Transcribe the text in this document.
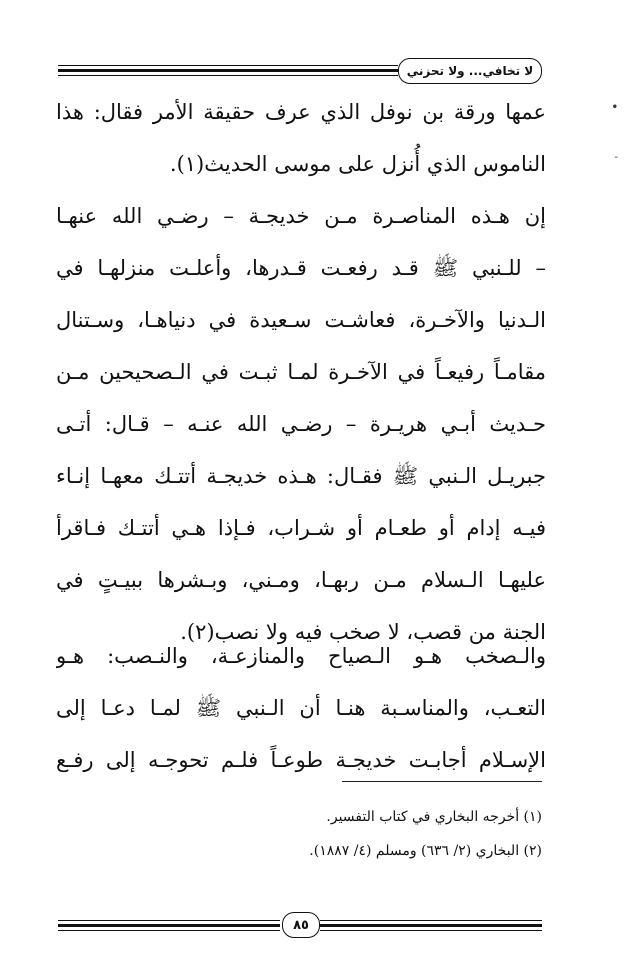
لا تخافي... ولا تحزني
•
-
عمها ورقة بن نوفل الذي عرف حقيقة الأمر فقال: هذا
الناموس الذي أُنزل على موسى الحديث(١).
إن هـذه المناصـرة مـن خديجـة – رضـي الله عنهـا
– للـنبي ﷺ قـد رفعـت قـدرها، وأعلـت منزلهـا في
الـدنيا والآخـرة، فعاشـت سـعيدة في دنياهـا، وسـتنال
مقامـاً رفيعـاً في الآخـرة لمـا ثبـت في الـصحيحين مـن
حـديث أبـي هريـرة – رضـي الله عنـه – قـال: أتـى
جبريـل الـنبي ﷺ فقـال: هـذه خديجـة أتتـك معهـا إنـاء
فيـه إدام أو طعـام أو شـراب، فـإذا هـي أتتـك فـاقرأ
عليهـا الـسلام مـن ربهـا، ومـني، وبـشرها ببيـتٍ في
الجنة من قصب، لا صخب فيه ولا نصب(٢).
والـصخب هـو الـصياح والمنازعـة، والنـصب: هـو
التعـب، والمناسـبة هنـا أن الـنبي ﷺ لمـا دعـا إلى
الإسـلام أجابـت خديجـة طوعـاً فلـم تحوجـه إلى رفـع
(١) أخرجه البخاري في كتاب التفسير.
(٢) البخاري (٢/ ٦٣٦) ومسلم (٤/ ١٨٨٧).
٨٥
